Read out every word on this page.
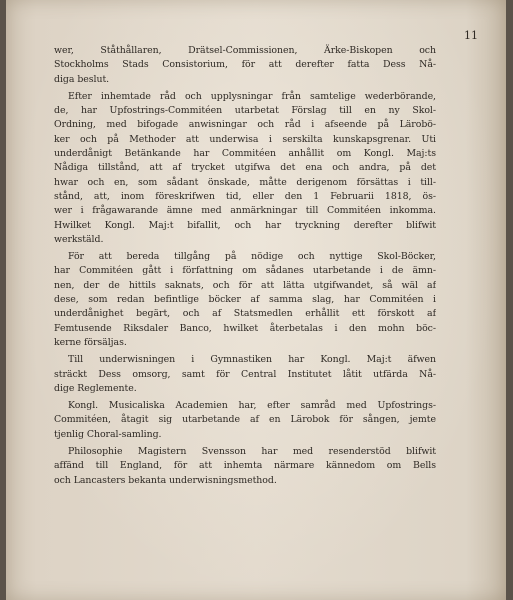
11
wer, Ståthållaren, Drätsel-Commissionen, Ärke-Biskopen och
Stockholms Stads Consistorium, för att derefter fatta Dess Nå-
diga beslut.
Efter inhemtade råd och upplysningar från samtelige wederbörande,
de, har Upfostrings-Commitéen utarbetat Förslag till en ny Skol-
Ordning, med bifogade anwisningar och råd i afseende på Lärobö-
ker och på Methoder att underwisa i serskilta kunskapsgrenar. Uti
underdånigt Betänkande har Commitéen anhållit om Kongl. Maj:ts
Nådiga tillstånd, att af trycket utgifwa det ena och andra, på det
hwar och en, som sådant önskade, måtte derigenom försättas i till-
stånd, att, inom föreskrifwen tid, eller den 1 Februarii 1818, ös-
wer i frågawarande ämne med anmärkningar till Commitéen inkomma.
Hwilket Kongl. Maj:t bifallit, och har tryckning derefter blifwit
werkstäld.
För att bereda tillgång på nödige och nyttige Skol-Böcker,
har Commitéen gått i författning om sådanes utarbetande i de ämn-
nen, der de hittils saknats, och för att lätta utgifwandet, så wäl af
dese, som redan befintlige böcker af samma slag, har Commitéen i
underdånighet begärt, och af Statsmedlen erhållit ett förskott af
Femtusende Riksdaler Banco, hwilket återbetalas i den mohn böc-
kerne försäljas.
Till underwisningen i Gymnastiken har Kongl. Maj:t äfwen
sträckt Dess omsorg, samt för Central Institutet låtit utfärda Nå-
dige Reglemente.
Kongl. Musicaliska Academien har, efter samråd med Upfostrings-
Commitéen, åtagit sig utarbetande af en Lärobok för sången, jemte
tjenlig Choral-samling.
Philosophie Magistern Svensson har med resenderstöd blifwit
affänd till England, för att inhemta närmare kännedom om Bells
och Lancasters bekanta underwisningsmethod.
